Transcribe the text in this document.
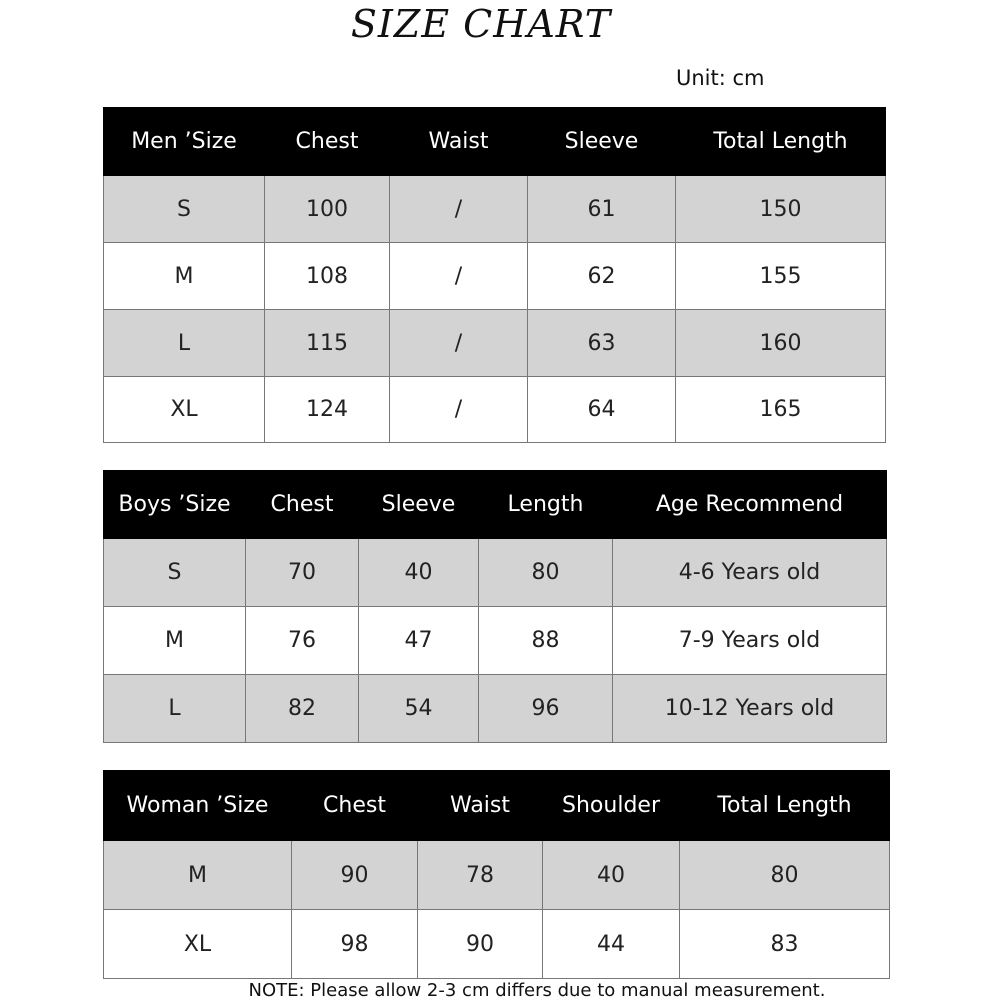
SIZE CHART
Unit: cm
Men ’Size	Chest	Waist	Sleeve	Total Length
S	100	/	61	150
M	108	/	62	155
L	115	/	63	160
XL	124	/	64	165
Boys ’Size	Chest	Sleeve	Length	Age Recommend
S	70	40	80	4-6 Years old
M	76	47	88	7-9 Years old
L	82	54	96	10-12 Years old
Woman ’Size	Chest	Waist	Shoulder	Total Length
M	90	78	40	80
XL	98	90	44	83
NOTE: Please allow 2-3 cm differs due to manual measurement.
